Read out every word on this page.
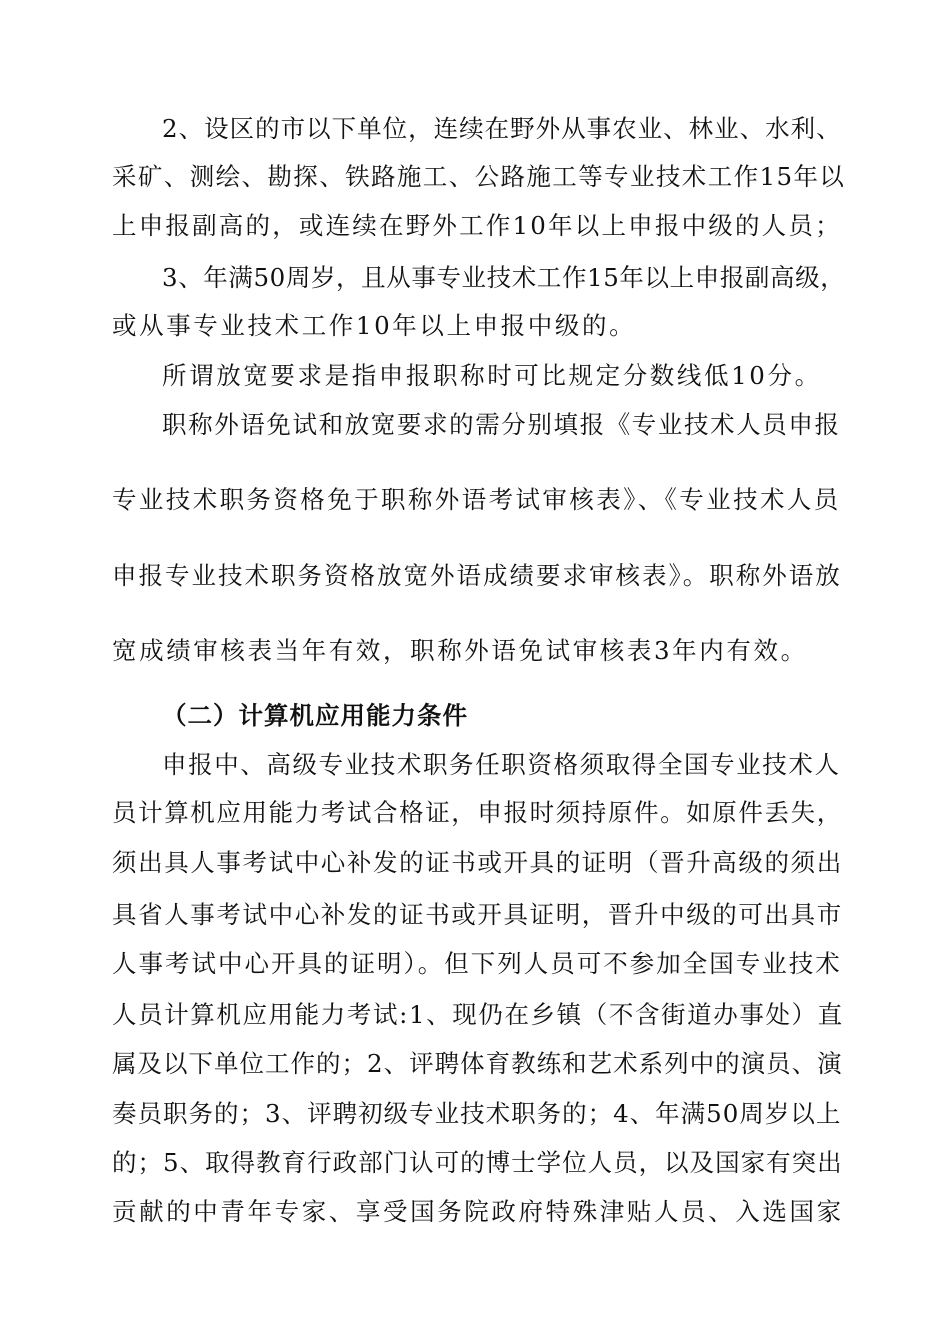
2、设区的市以下单位，连续在野外从事农业、林业、水利、

采矿、测绘、勘探、铁路施工、公路施工等专业技术工作15年以

上申报副高的，或连续在野外工作10年以上申报中级的人员；

3、年满50周岁，且从事专业技术工作15年以上申报副高级，

或从事专业技术工作10年以上申报中级的。

所谓放宽要求是指申报职称时可比规定分数线低10分。

职称外语免试和放宽要求的需分别填报《专业技术人员申报

专业技术职务资格免于职称外语考试审核表》、《专业技术人员

申报专业技术职务资格放宽外语成绩要求审核表》。职称外语放

宽成绩审核表当年有效，职称外语免试审核表3年内有效。

（二）计算机应用能力条件

申报中、高级专业技术职务任职资格须取得全国专业技术人

员计算机应用能力考试合格证，申报时须持原件。如原件丢失，

须出具人事考试中心补发的证书或开具的证明（晋升高级的须出

具省人事考试中心补发的证书或开具证明，晋升中级的可出具市

人事考试中心开具的证明）。但下列人员可不参加全国专业技术

人员计算机应用能力考试:1、现仍在乡镇（不含街道办事处）直

属及以下单位工作的；2、评聘体育教练和艺术系列中的演员、演

奏员职务的；3、评聘初级专业技术职务的；4、年满50周岁以上

的；5、取得教育行政部门认可的博士学位人员，以及国家有突出

贡献的中青年专家、享受国务院政府特殊津贴人员、入选国家
